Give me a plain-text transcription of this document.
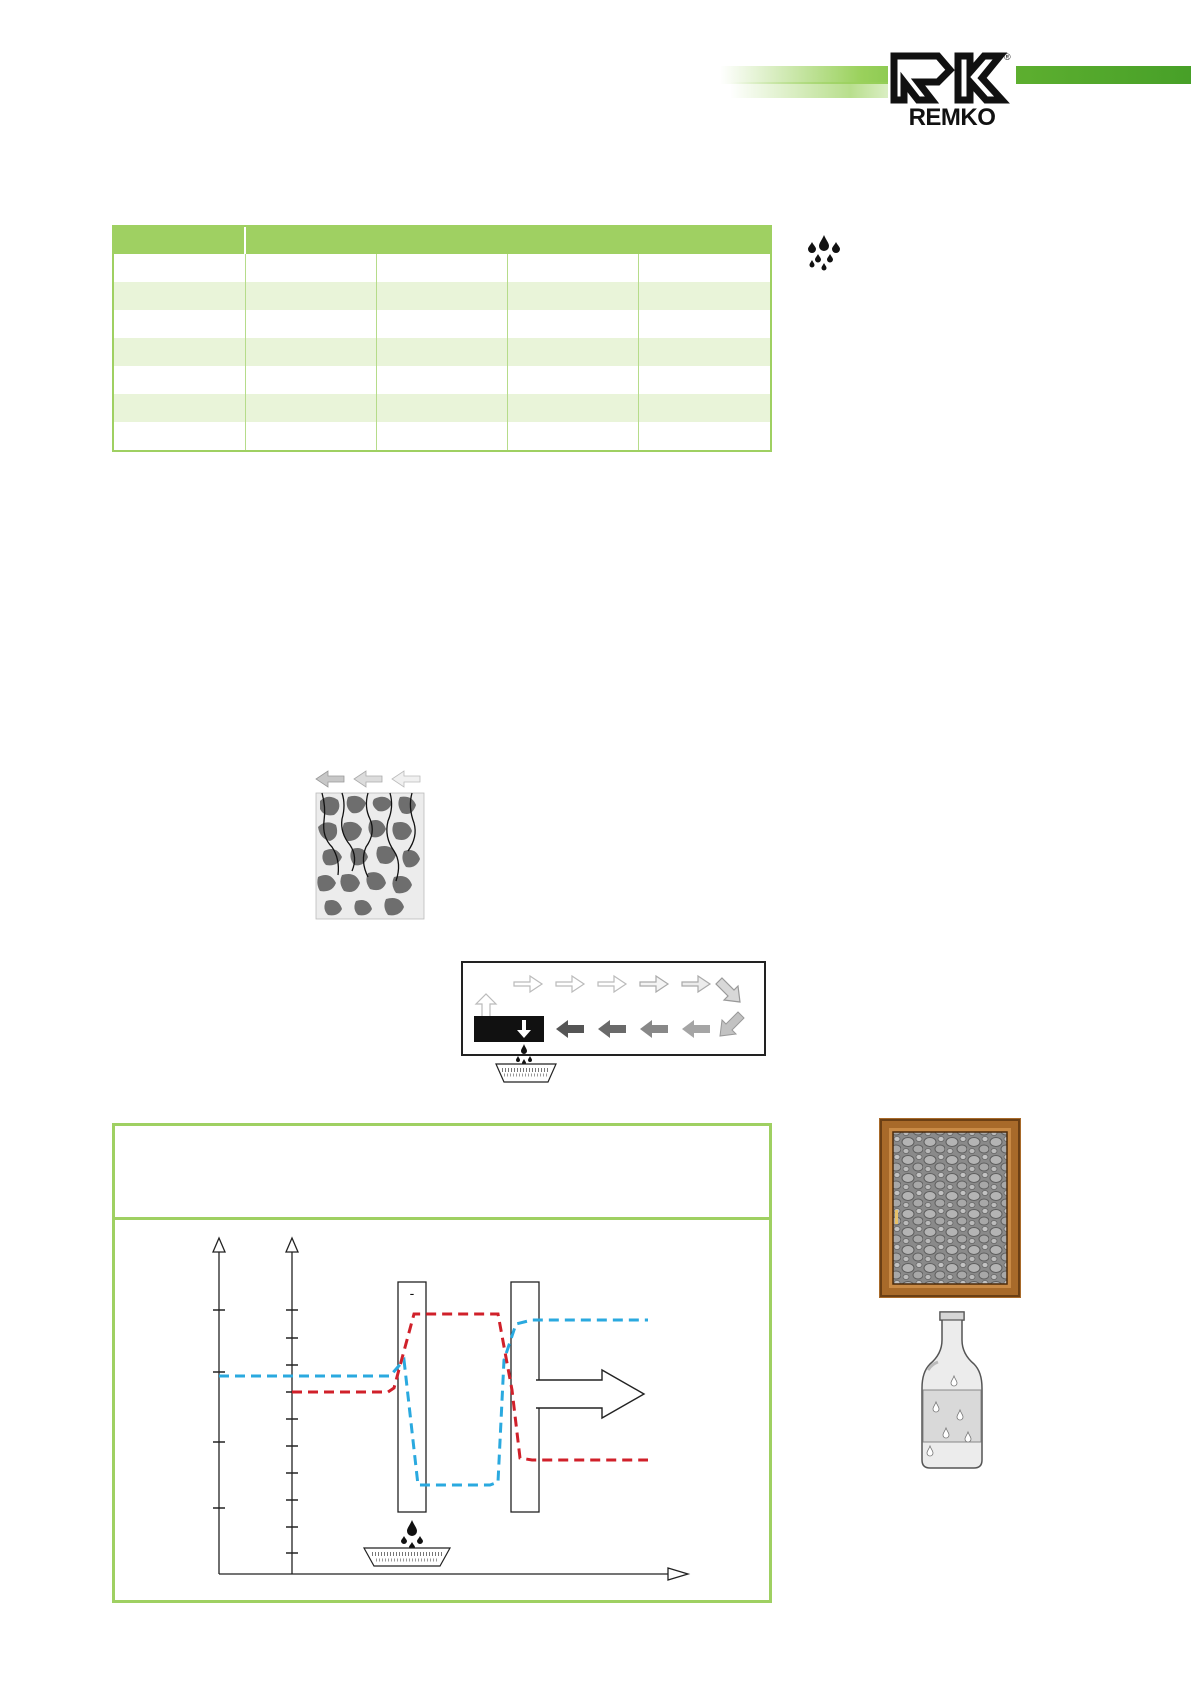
®
REMKO
-
